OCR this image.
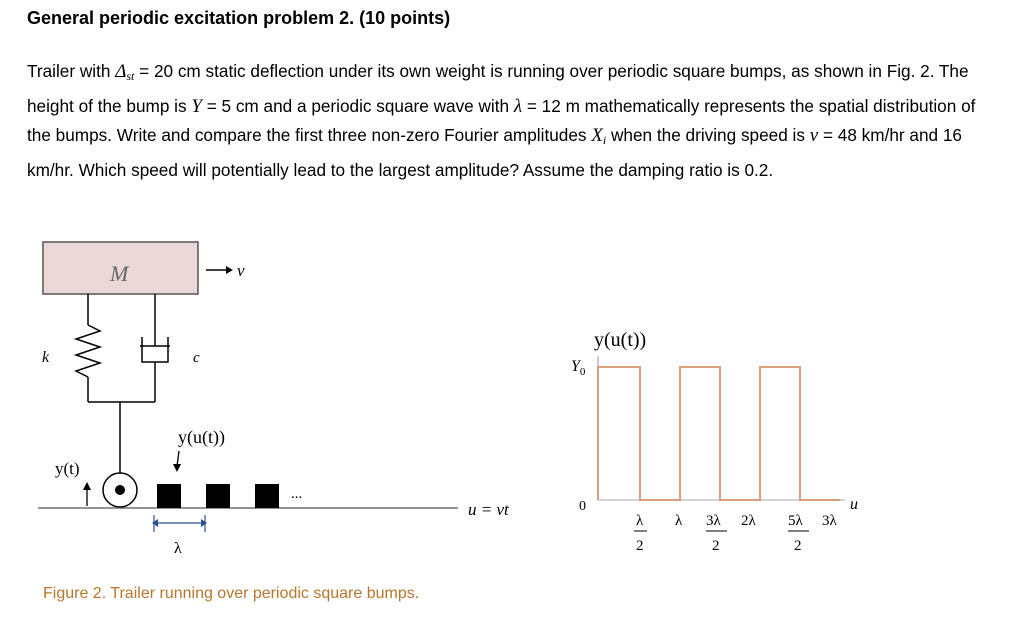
General periodic excitation problem 2. (10 points)
Trailer with $\Delta_{st} = 20$ cm static deflection under its own weight is running over periodic square bumps, as shown in Fig. 2. The height of the bump is Y = 5 cm and a periodic square wave with λ = 12 m mathematically represents the spatial distribution of the bumps. Write and compare the first three non-zero Fourier amplitudes $X_i$ when the driving speed is v = 48 km/hr and 16 km/hr. Which speed will potentially lead to the largest amplitude? Assume the damping ratio is 0.2.
M	v
k	c
y(t)
...
y(u(t))
u = vt
λ
y(u(t))
$Y_0$
0	u
λ
2
λ 3λ
2
2λ 5λ
2
3λ
Figure 2. Trailer running over periodic square bumps.
